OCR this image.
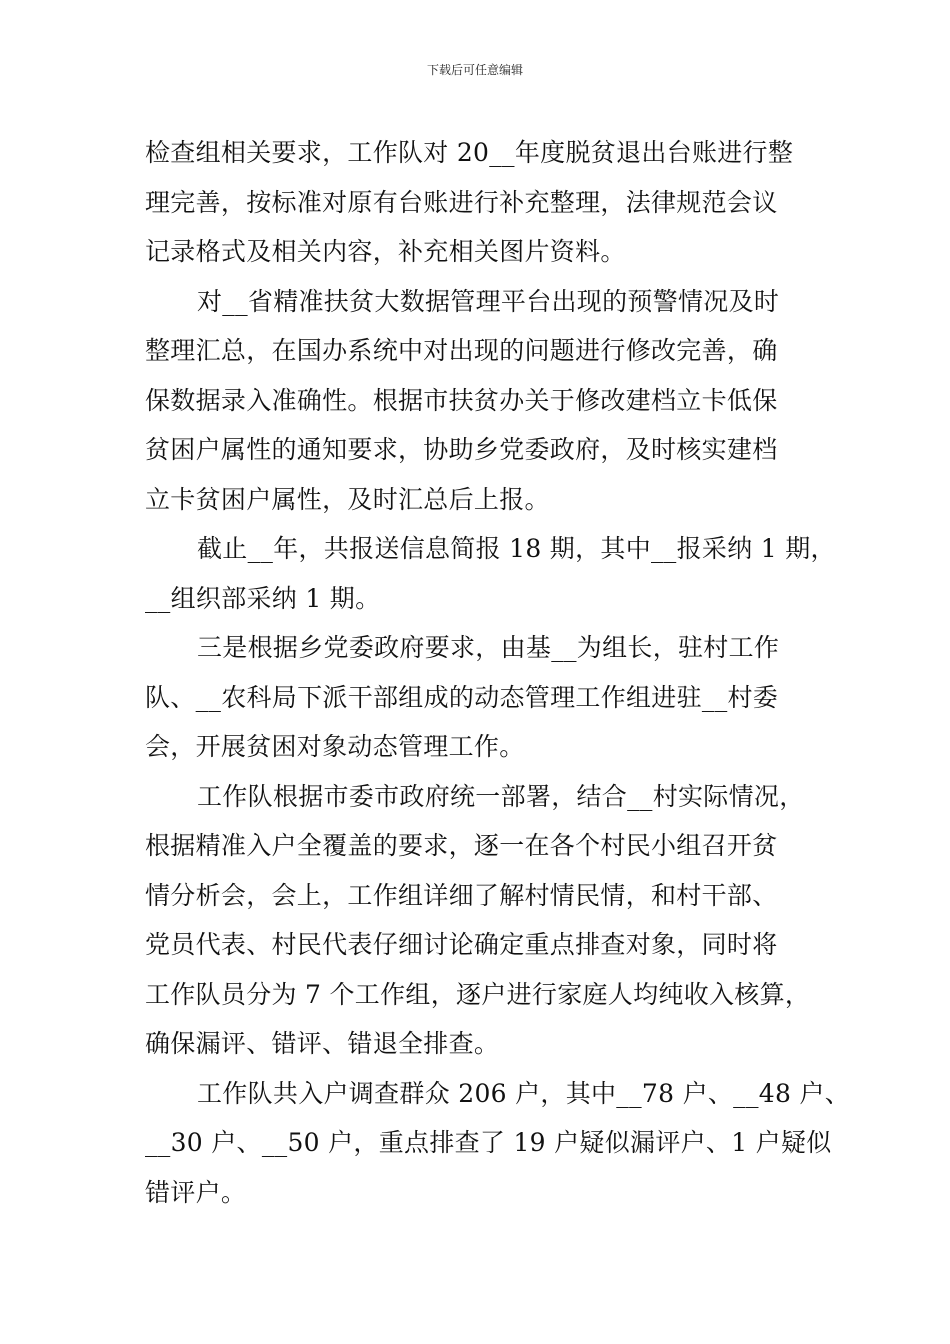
下载后可任意编辑
检查组相关要求，工作队对 20__年度脱贫退出台账进行整
理完善，按标准对原有台账进行补充整理，法律规范会议
记录格式及相关内容，补充相关图片资料。
对__省精准扶贫大数据管理平台出现的预警情况及时
整理汇总，在国办系统中对出现的问题进行修改完善，确
保数据录入准确性。根据市扶贫办关于修改建档立卡低保
贫困户属性的通知要求，协助乡党委政府，及时核实建档
立卡贫困户属性，及时汇总后上报。
截止__年，共报送信息简报 18 期，其中__报采纳 1 期，
__组织部采纳 1 期。
三是根据乡党委政府要求，由基__为组长，驻村工作
队、__农科局下派干部组成的动态管理工作组进驻__村委
会，开展贫困对象动态管理工作。
工作队根据市委市政府统一部署，结合__村实际情况，
根据精准入户全覆盖的要求，逐一在各个村民小组召开贫
情分析会，会上，工作组详细了解村情民情，和村干部、
党员代表、村民代表仔细讨论确定重点排查对象，同时将
工作队员分为 7 个工作组，逐户进行家庭人均纯收入核算，
确保漏评、错评、错退全排查。
工作队共入户调查群众 206 户，其中__78 户、__48 户、
__30 户、__50 户，重点排查了 19 户疑似漏评户、1 户疑似
错评户。
